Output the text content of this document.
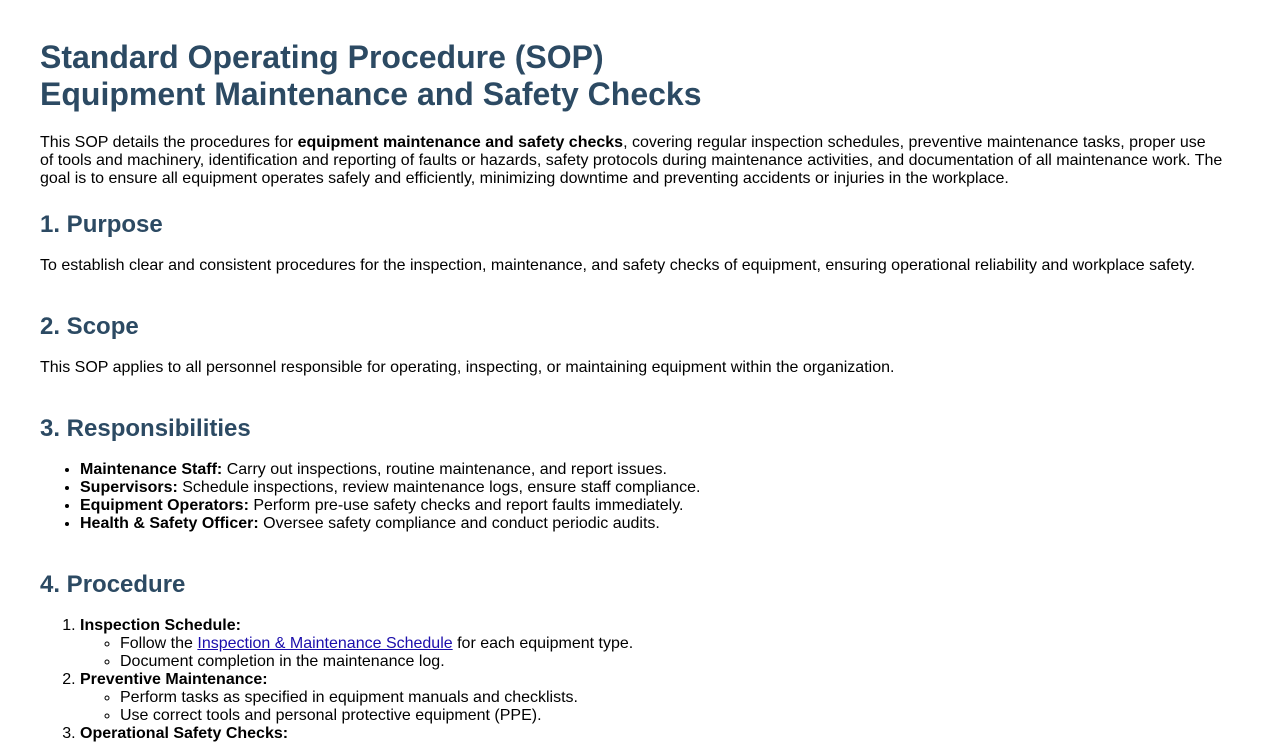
Standard Operating Procedure (SOP)
Equipment Maintenance and Safety Checks

This SOP details the procedures for equipment maintenance and safety checks, covering regular inspection schedules, preventive maintenance tasks, proper use of tools and machinery, identification and reporting of faults or hazards, safety protocols during maintenance activities, and documentation of all maintenance work. The goal is to ensure all equipment operates safely and efficiently, minimizing downtime and preventing accidents or injuries in the workplace.

1. Purpose

To establish clear and consistent procedures for the inspection, maintenance, and safety checks of equipment, ensuring operational reliability and workplace safety.

2. Scope

This SOP applies to all personnel responsible for operating, inspecting, or maintaining equipment within the organization.

3. Responsibilities
• Maintenance Staff: Carry out inspections, routine maintenance, and report issues.
• Supervisors: Schedule inspections, review maintenance logs, ensure staff compliance.
• Equipment Operators: Perform pre-use safety checks and report faults immediately.
• Health & Safety Officer: Oversee safety compliance and conduct periodic audits.
4. Procedure
1. Inspection Schedule:
◦ Follow the Inspection & Maintenance Schedule for each equipment type.
◦ Document completion in the maintenance log.
2. Preventive Maintenance:
◦ Perform tasks as specified in equipment manuals and checklists.
◦ Use correct tools and personal protective equipment (PPE).
3. Operational Safety Checks:
